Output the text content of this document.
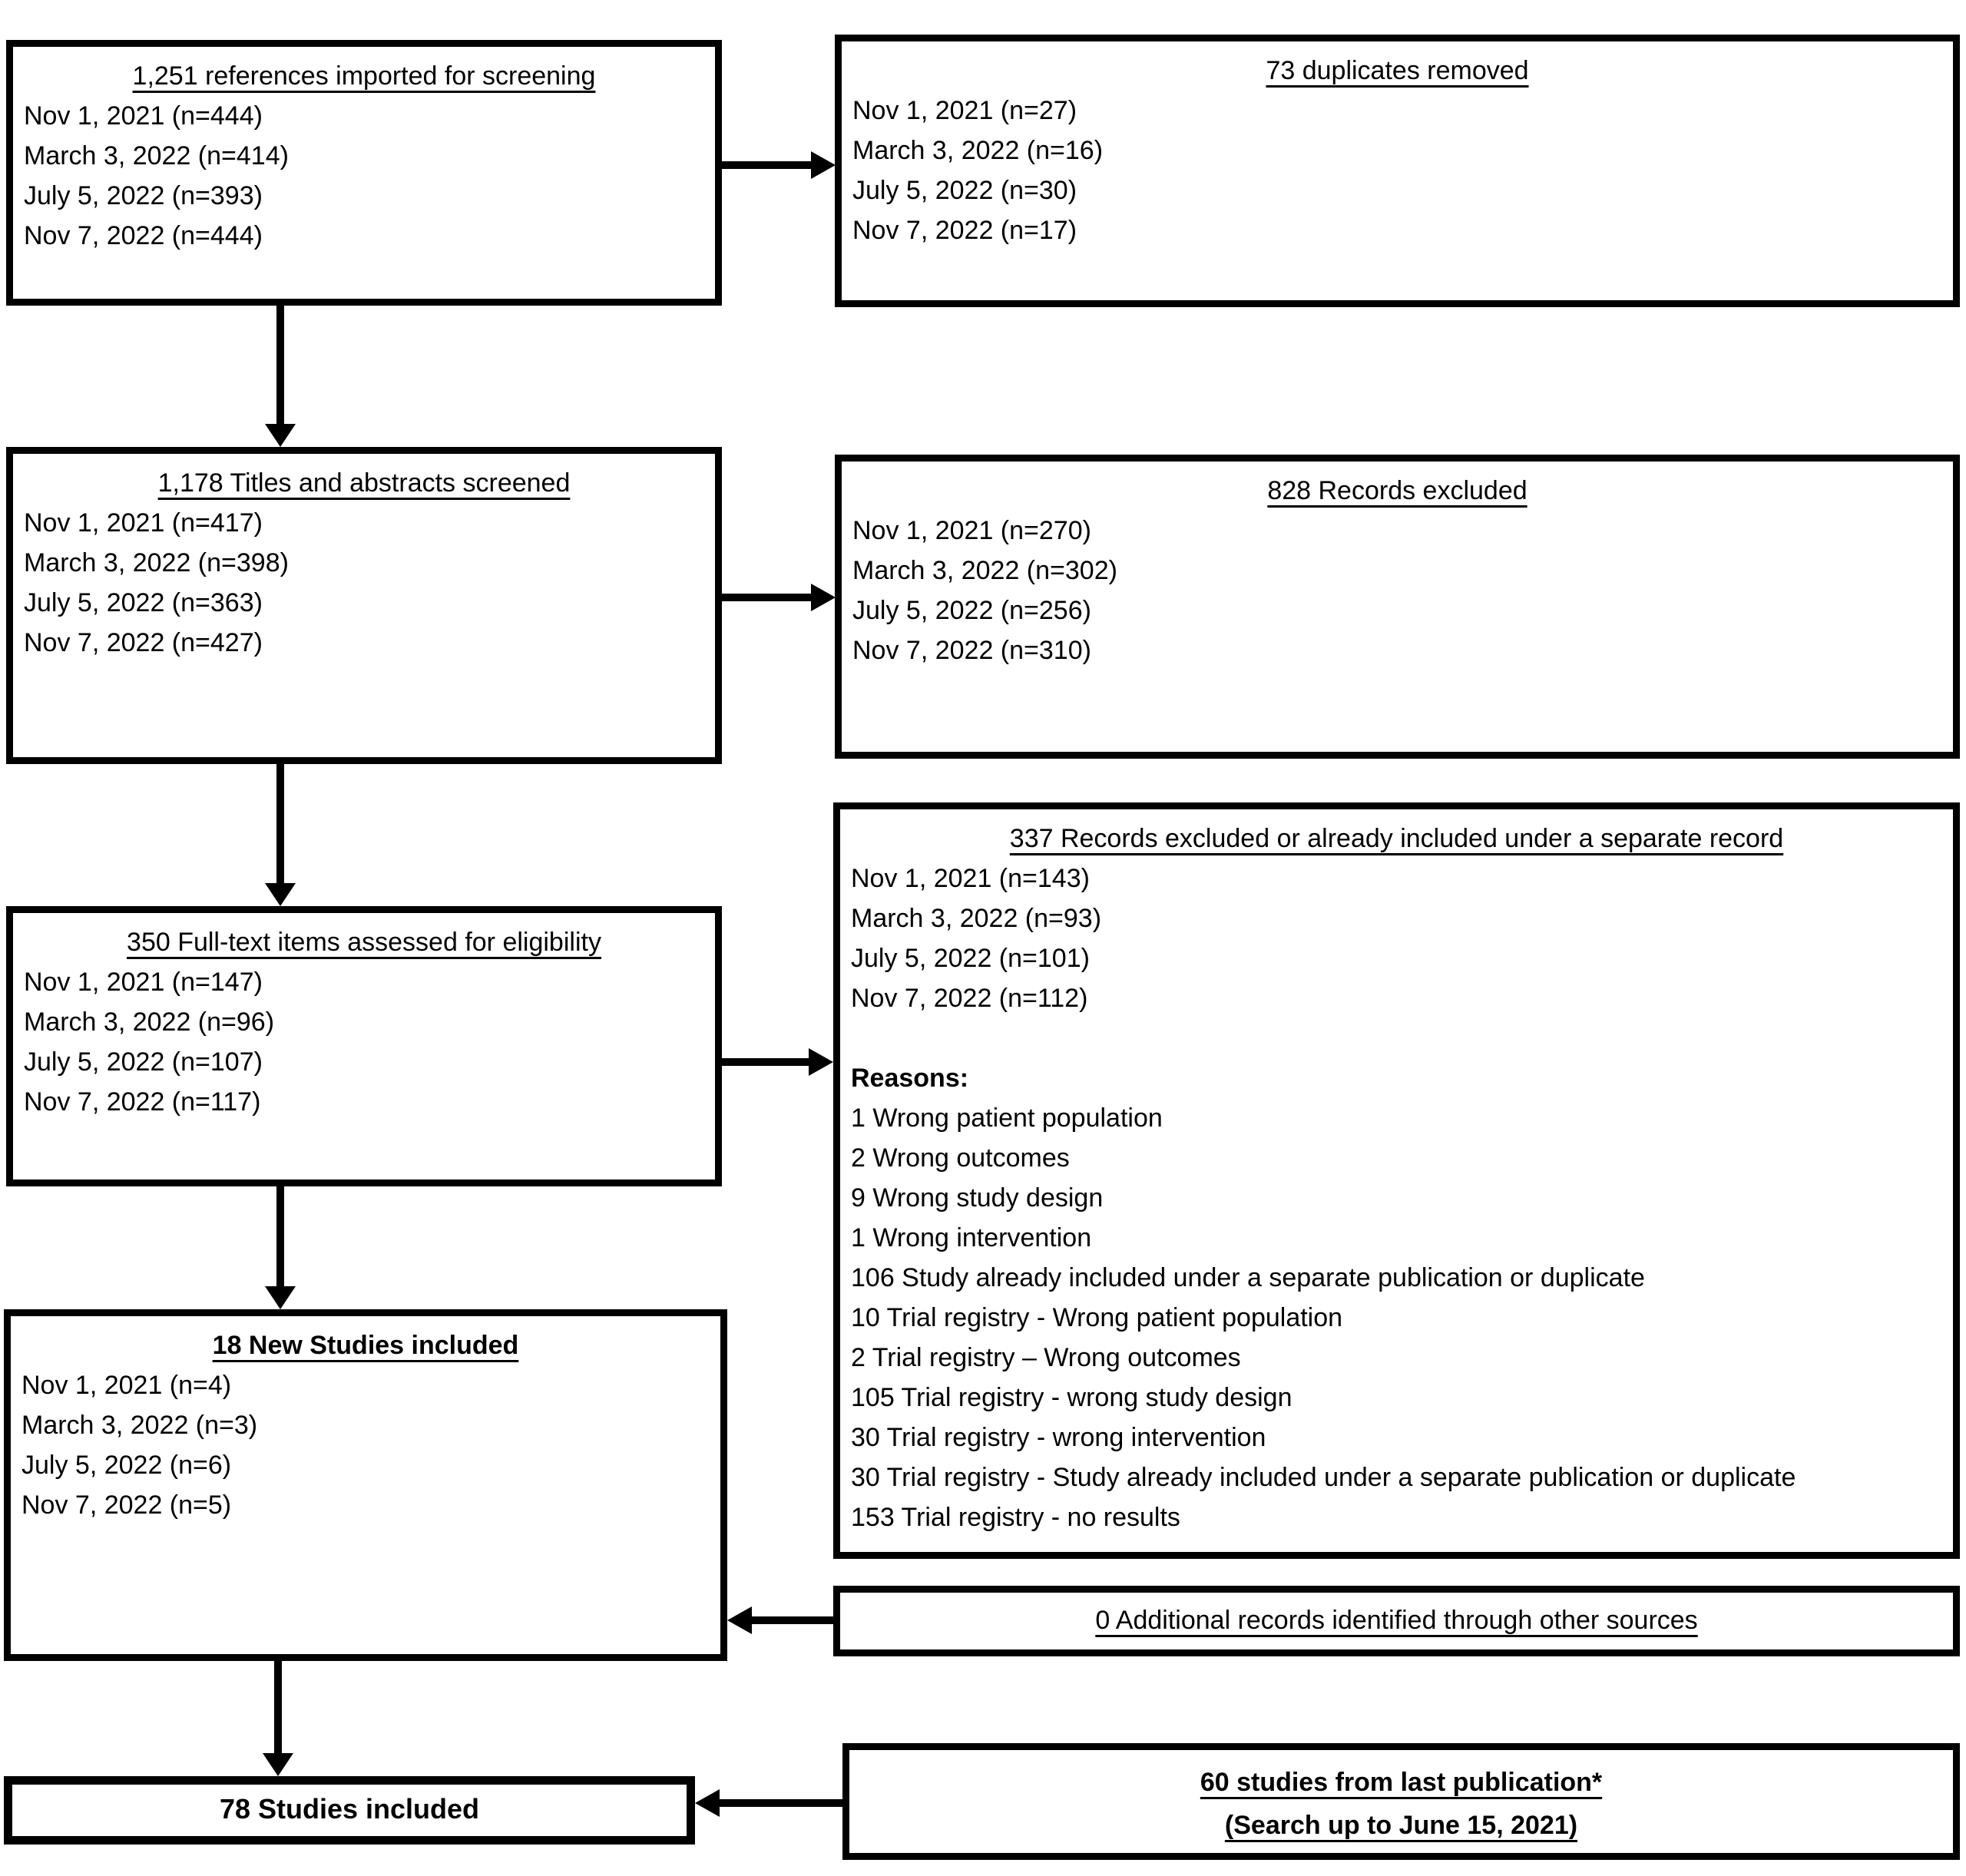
1,251 references imported for screening
Nov 1, 2021 (n=444)
March 3, 2022 (n=414)
July 5, 2022 (n=393)
Nov 7, 2022 (n=444)
73 duplicates removed
Nov 1, 2021 (n=27)
March 3, 2022 (n=16)
July 5, 2022 (n=30)
Nov 7, 2022 (n=17)
1,178 Titles and abstracts screened
Nov 1, 2021 (n=417)
March 3, 2022 (n=398)
July 5, 2022 (n=363)
Nov 7, 2022 (n=427)
828 Records excluded
Nov 1, 2021 (n=270)
March 3, 2022 (n=302)
July 5, 2022 (n=256)
Nov 7, 2022 (n=310)
350 Full-text items assessed for eligibility
Nov 1, 2021 (n=147)
March 3, 2022 (n=96)
July 5, 2022 (n=107)
Nov 7, 2022 (n=117)
337 Records excluded or already included under a separate record
Nov 1, 2021 (n=143)
March 3, 2022 (n=93)
July 5, 2022 (n=101)
Nov 7, 2022 (n=112)
Reasons:
1 Wrong patient population
2 Wrong outcomes
9 Wrong study design
1 Wrong intervention
106 Study already included under a separate publication or duplicate
10 Trial registry - Wrong patient population
2 Trial registry – Wrong outcomes
105 Trial registry - wrong study design
30 Trial registry - wrong intervention
30 Trial registry - Study already included under a separate publication or duplicate
153 Trial registry - no results
18 New Studies included
Nov 1, 2021 (n=4)
March 3, 2022 (n=3)
July 5, 2022 (n=6)
Nov 7, 2022 (n=5)
0 Additional records identified through other sources
78 Studies included
60 studies from last publication*
(Search up to June 15, 2021)
